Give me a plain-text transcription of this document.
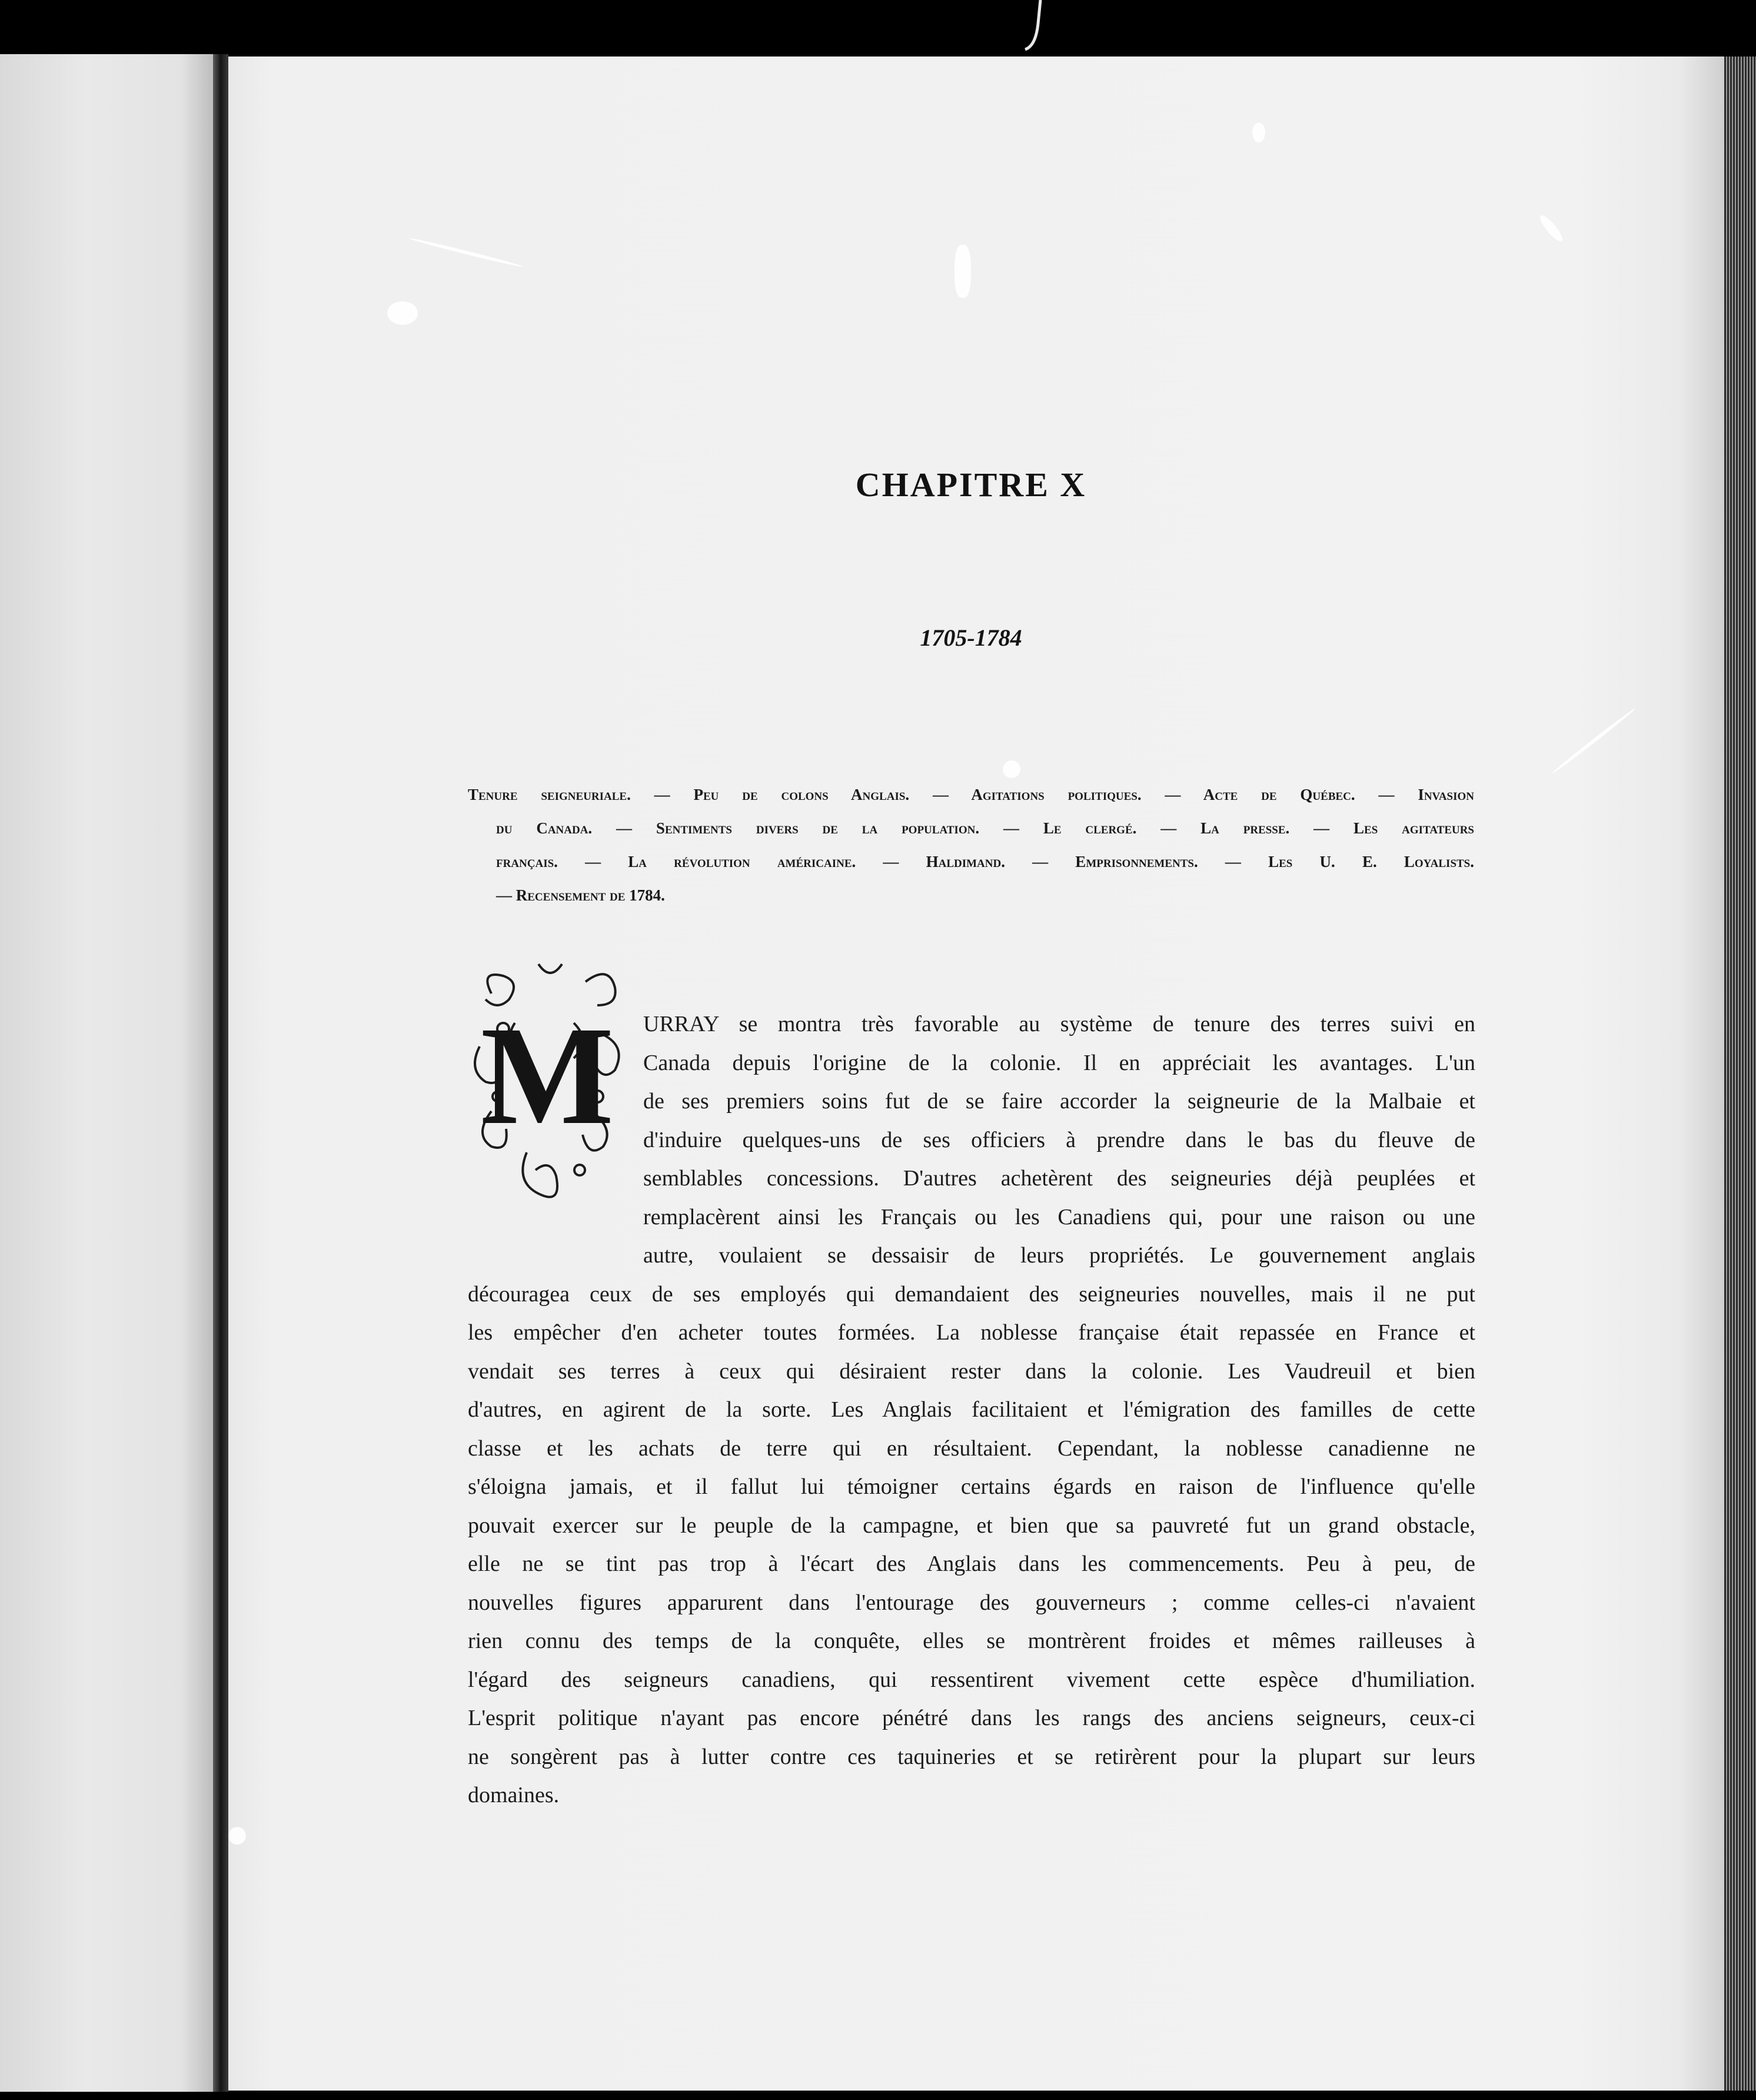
CHAPITRE X
1705-1784
Tenure seigneuriale. — Peu de colons Anglais. — Agitations politiques. — Acte de Québec. — Invasion
du Canada. — Sentiments divers de la population. — Le clergé. — La presse. — Les agitateurs
français. — La révolution américaine. — Haldimand. — Emprisonnements. — Les U. E. Loyalists.
— Recensement de 1784.
M	URRAY se montra très favorable au système de tenure des terres suivi en
Canada depuis l'origine de la colonie. Il en appréciait les avantages. L'un
de ses premiers soins fut de se faire accorder la seigneurie de la Malbaie et
d'induire quelques-uns de ses officiers à prendre dans le bas du fleuve de
semblables concessions. D'autres achetèrent des seigneuries déjà peuplées et
remplacèrent ainsi les Français ou les Canadiens qui, pour une raison ou une
autre, voulaient se dessaisir de leurs propriétés. Le gouvernement anglais
découragea ceux de ses employés qui demandaient des seigneuries nouvelles, mais il ne put
les empêcher d'en acheter toutes formées. La noblesse française était repassée en France et
vendait ses terres à ceux qui désiraient rester dans la colonie. Les Vaudreuil et bien
d'autres, en agirent de la sorte. Les Anglais facilitaient et l'émigration des familles de cette
classe et les achats de terre qui en résultaient. Cependant, la noblesse canadienne ne
s'éloigna jamais, et il fallut lui témoigner certains égards en raison de l'influence qu'elle
pouvait exercer sur le peuple de la campagne, et bien que sa pauvreté fut un grand obstacle,
elle ne se tint pas trop à l'écart des Anglais dans les commencements. Peu à peu, de
nouvelles figures apparurent dans l'entourage des gouverneurs ; comme celles-ci n'avaient
rien connu des temps de la conquête, elles se montrèrent froides et mêmes railleuses à
l'égard des seigneurs canadiens, qui ressentirent vivement cette espèce d'humiliation.
L'esprit politique n'ayant pas encore pénétré dans les rangs des anciens seigneurs, ceux-ci
ne songèrent pas à lutter contre ces taquineries et se retirèrent pour la plupart sur leurs
domaines.
